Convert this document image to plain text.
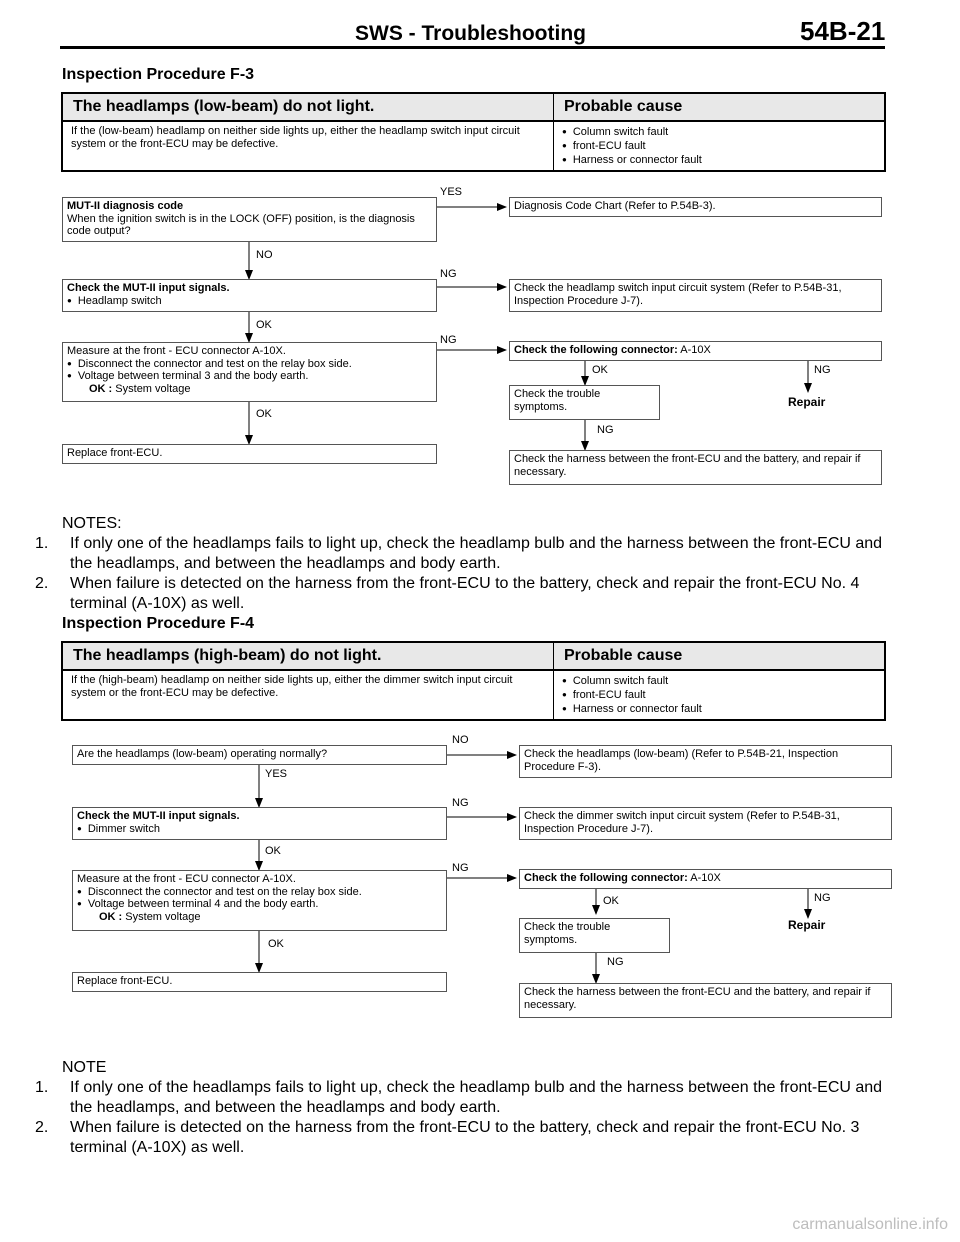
SWS - Troubleshooting	54B-21
Inspection Procedure F-3
The headlamps (low-beam) do not light.	Probable cause
If the (low-beam) headlamp on neither side lights up, either the headlamp switch input circuit system or the front-ECU may be defective.	● Column switch fault
● front-ECU fault
● Harness or connector fault
MUT-II diagnosis code
When the ignition switch is in the LOCK (OFF) position, is the diagnosis code output?
YES
Diagnosis Code Chart (Refer to P.54B-3).
NO
Check the MUT-II input signals.
● Headlamp switch
NG
Check the headlamp switch input circuit system (Refer to P.54B-31, Inspection Procedure J-7).
OK
Measure at the front - ECU connector A-10X.
● Disconnect the connector and test on the relay box side.
● Voltage between terminal 3 and the body earth.
OK : System voltage
NG
Check the following connector: A-10X
OK	NG
Check the trouble symptoms.	Repair
OK
NG
Replace front-ECU.	Check the harness between the front-ECU and the battery, and repair if necessary.
NOTES:
1. If only one of the headlamps fails to light up, check the headlamp bulb and the harness between the front-ECU and the headlamps, and between the headlamps and body earth.
2. When failure is detected on the harness from the front-ECU to the battery, check and repair the front-ECU No. 4 terminal (A-10X) as well.
Inspection Procedure F-4
The headlamps (high-beam) do not light.	Probable cause
If the (high-beam) headlamp on neither side lights up, either the dimmer switch input circuit system or the front-ECU may be defective.	● Column switch fault
● front-ECU fault
● Harness or connector fault
Are the headlamps (low-beam) operating normally?
NO
Check the headlamps (low-beam) (Refer to P.54B-21, Inspection Procedure F-3).
YES
Check the MUT-II input signals.
● Dimmer switch
NG
Check the dimmer switch input circuit system (Refer to P.54B-31, Inspection Procedure J-7).
OK
Measure at the front - ECU connector A-10X.
● Disconnect the connector and test on the relay box side.
● Voltage between terminal 4 and the body earth.
OK : System voltage
NG
Check the following connector: A-10X
OK	NG
Check the trouble symptoms.
Repair
OK
NG
Replace front-ECU.
Check the harness between the front-ECU and the battery, and repair if necessary.
NOTE
1. If only one of the headlamps fails to light up, check the headlamp bulb and the harness between the front-ECU and the headlamps, and between the headlamps and body earth.
2. When failure is detected on the harness from the front-ECU to the battery, check and repair the front-ECU No. 3 terminal (A-10X) as well.
carmanualsonline.info
